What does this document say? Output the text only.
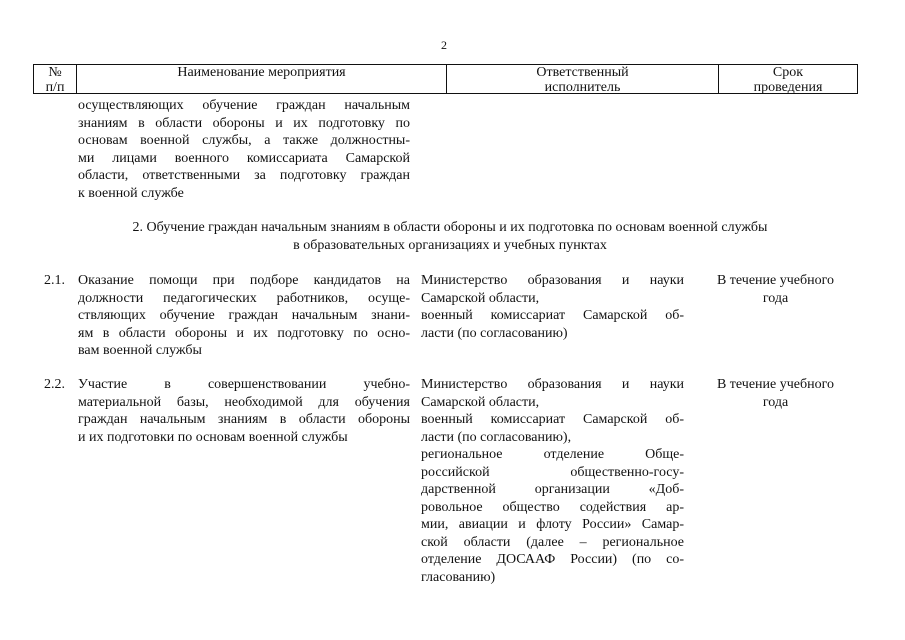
2
№
п/п
Наименование мероприятия	Ответственный
исполнитель
Срок
проведения
осуществляющих обучение граждан начальным
знаниям в области обороны и их подготовку по
основам военной службы, а также должностны-
ми лицами военного комиссариата Самарской
области, ответственными за подготовку граждан
к военной службе
2. Обучение граждан начальным знаниям в области обороны и их подготовка по основам военной службы
в образовательных организациях и учебных пунктах
2.1. Оказание помощи при подборе кандидатов на
должности педагогических работников, осуще-
ствляющих обучение граждан начальным знани-
ям в области обороны и их подготовку по осно-
вам военной службы
Министерство образования и науки
Самарской области,
военный комиссариат Самарской об-
ласти (по согласованию)
В течение учебного
года
2.2. Участие в совершенствовании учебно-
материальной базы, необходимой для обучения
граждан начальным знаниям в области обороны
и их подготовки по основам военной службы
Министерство образования и науки
Самарской области,
военный комиссариат Самарской об-
ласти (по согласованию),
региональное отделение Обще-
российской общественно-госу-
дарственной организации «Доб-
ровольное общество содействия ар-
мии, авиации и флоту России» Самар-
ской области (далее – региональное
отделение ДОСААФ России) (по со-
гласованию)
В течение учебного
года
